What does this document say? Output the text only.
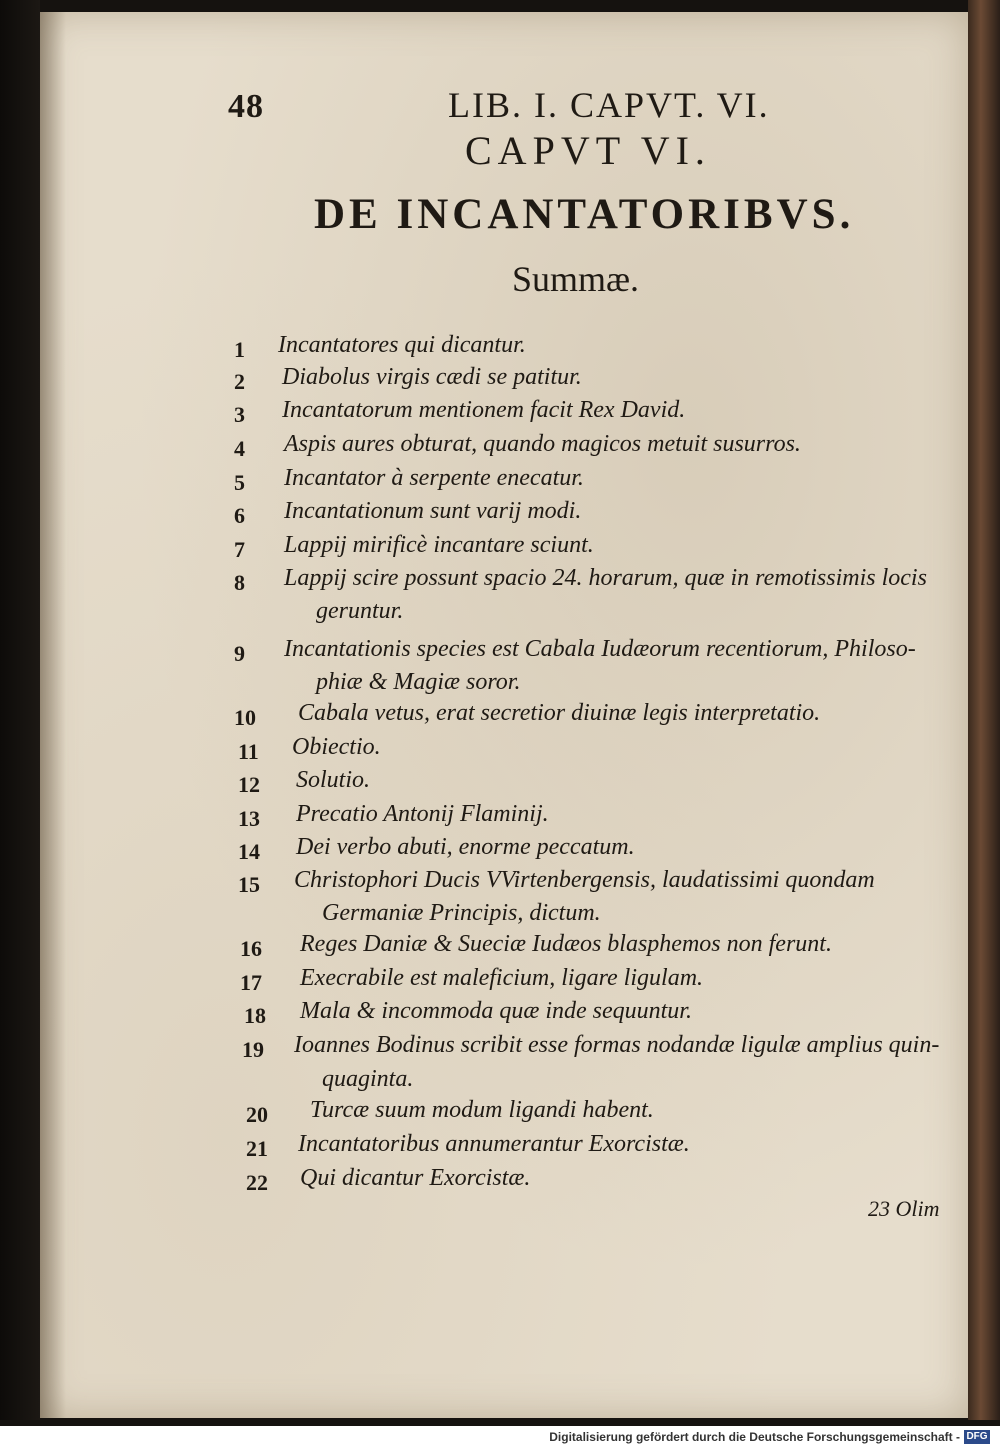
48	LIB. I. CAPVT. VI.
CAPVT VI.
DE INCANTATORIBVS.
Summæ.
1 Incantatores qui dicantur.
2 Diabolus virgis cædi se patitur.
3 Incantatorum mentionem facit Rex David.
4 Aspis aures obturat, quando magicos metuit susurros.
5 Incantator à serpente enecatur.
6 Incantationum sunt varij modi.
7 Lappij mirificè incantare sciunt.
8 Lappij scire possunt spacio 24. horarum, quæ in remotissimis locis
geruntur.
9 Incantationis species est Cabala Iudæorum recentiorum, Philoso-
phiæ & Magiæ soror.
10 Cabala vetus, erat secretior diuinæ legis interpretatio.
11 Obiectio.
12 Solutio.
13 Precatio Antonij Flaminij.
14 Dei verbo abuti, enorme peccatum.
15 Christophori Ducis VVirtenbergensis, laudatissimi quondam
Germaniæ Principis, dictum.
16 Reges Daniæ & Sueciæ Iudæos blasphemos non ferunt.
17 Execrabile est maleficium, ligare ligulam.
18 Mala & incommoda quæ inde sequuntur.
19 Ioannes Bodinus scribit esse formas nodandæ ligulæ amplius quin-
quaginta.
20 Turcæ suum modum ligandi habent.
21 Incantatoribus annumerantur Exorcistæ.
22 Qui dicantur Exorcistæ.
23 Olim
Digitalisierung gefördert durch die Deutsche Forschungsgemeinschaft - DFG
